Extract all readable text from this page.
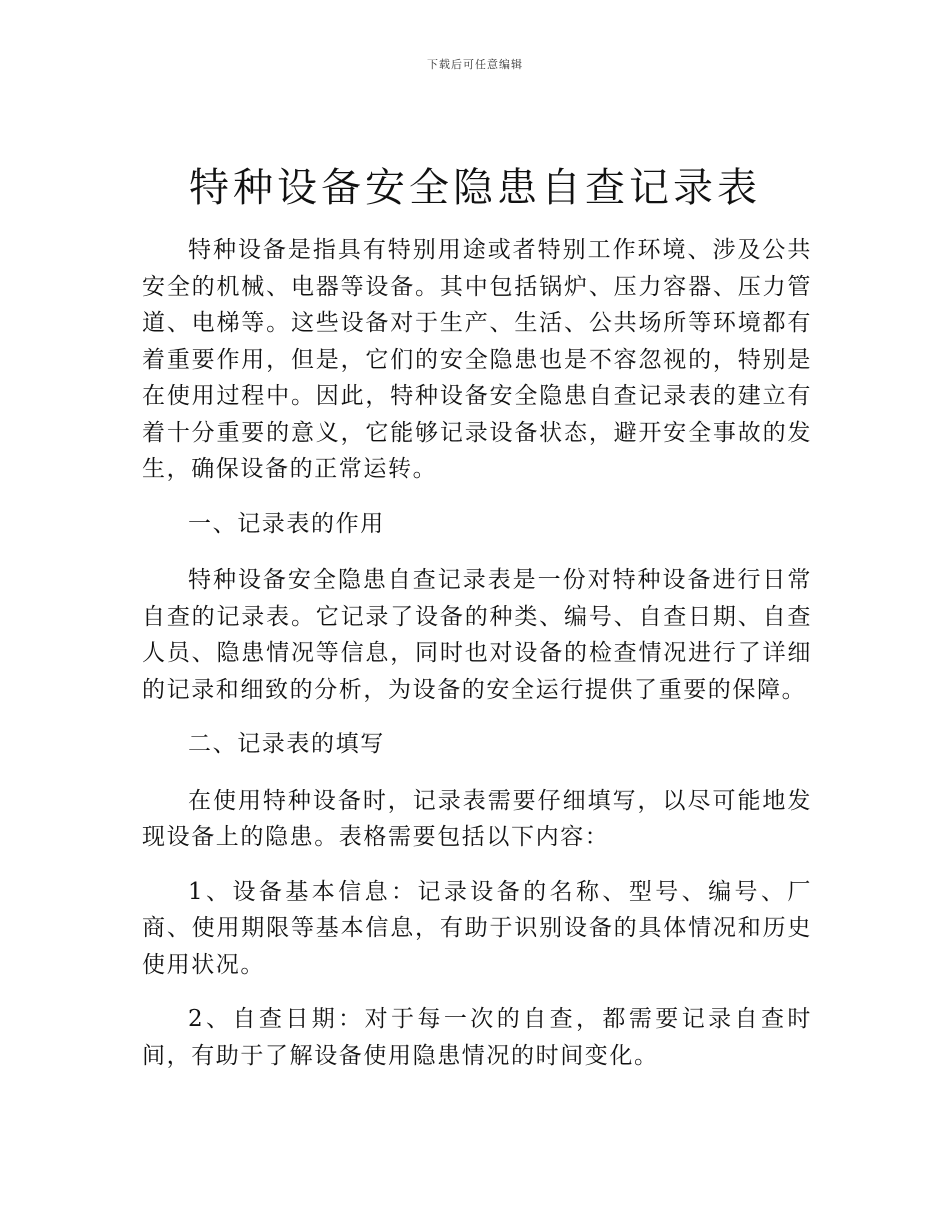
下载后可任意编辑
特种设备安全隐患自查记录表

特种设备是指具有特别用途或者特别工作环境、涉及公共安全的机械、电器等设备。其中包括锅炉、压力容器、压力管道、电梯等。这些设备对于生产、生活、公共场所等环境都有着重要作用，但是，它们的安全隐患也是不容忽视的，特别是在使用过程中。因此，特种设备安全隐患自查记录表的建立有着十分重要的意义，它能够记录设备状态，避开安全事故的发生，确保设备的正常运转。

一、记录表的作用

特种设备安全隐患自查记录表是一份对特种设备进行日常自查的记录表。它记录了设备的种类、编号、自查日期、自查人员、隐患情况等信息，同时也对设备的检查情况进行了详细的记录和细致的分析，为设备的安全运行提供了重要的保障。

二、记录表的填写

在使用特种设备时，记录表需要仔细填写，以尽可能地发现设备上的隐患。表格需要包括以下内容：

1、设备基本信息：记录设备的名称、型号、编号、厂商、使用期限等基本信息，有助于识别设备的具体情况和历史使用状况。

2、自查日期：对于每一次的自查，都需要记录自查时间，有助于了解设备使用隐患情况的时间变化。
